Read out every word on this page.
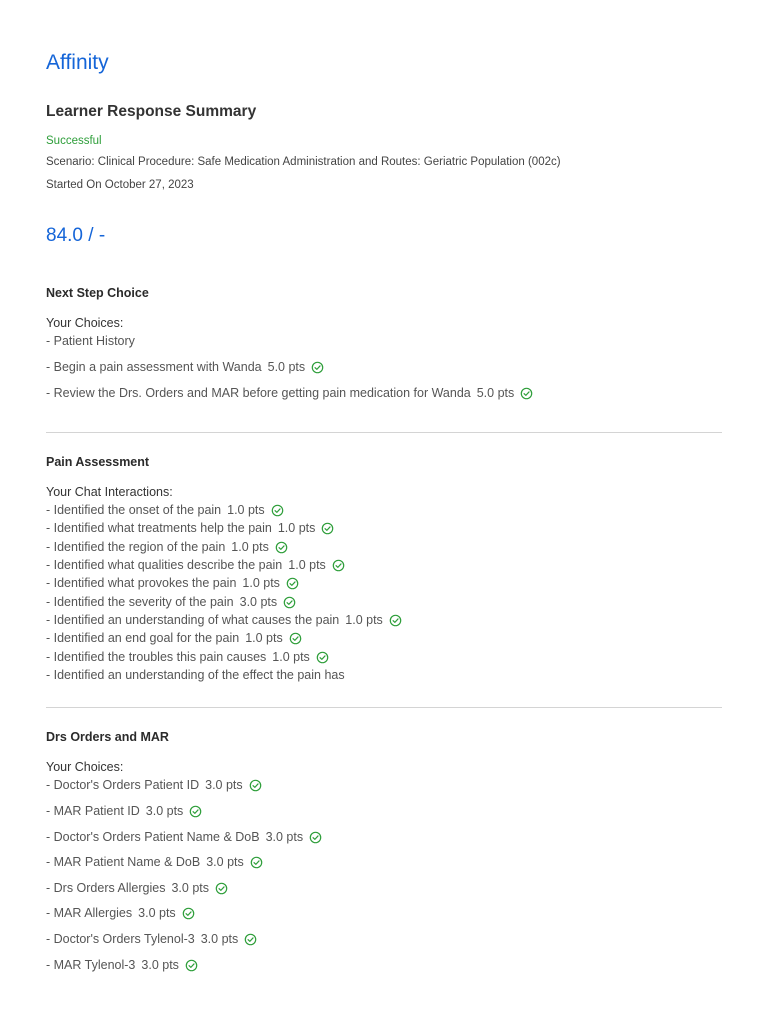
Affinity
Learner Response Summary
Successful
Scenario: Clinical Procedure: Safe Medication Administration and Routes: Geriatric Population (002c)
Started On October 27, 2023
84.0 / -
Next Step Choice
Your Choices:
- Patient History
- Begin a pain assessment with Wanda 5.0 pts
- Review the Drs. Orders and MAR before getting pain medication for Wanda 5.0 pts
Pain Assessment
Your Chat Interactions:
- Identified the onset of the pain 1.0 pts
- Identified what treatments help the pain 1.0 pts
- Identified the region of the pain 1.0 pts
- Identified what qualities describe the pain 1.0 pts
- Identified what provokes the pain 1.0 pts
- Identified the severity of the pain 3.0 pts
- Identified an understanding of what causes the pain 1.0 pts
- Identified an end goal for the pain 1.0 pts
- Identified the troubles this pain causes 1.0 pts
- Identified an understanding of the effect the pain has
Drs Orders and MAR
Your Choices:
- Doctor's Orders Patient ID 3.0 pts
- MAR Patient ID 3.0 pts
- Doctor's Orders Patient Name & DoB 3.0 pts
- MAR Patient Name & DoB 3.0 pts
- Drs Orders Allergies 3.0 pts
- MAR Allergies 3.0 pts
- Doctor's Orders Tylenol-3 3.0 pts
- MAR Tylenol-3 3.0 pts
